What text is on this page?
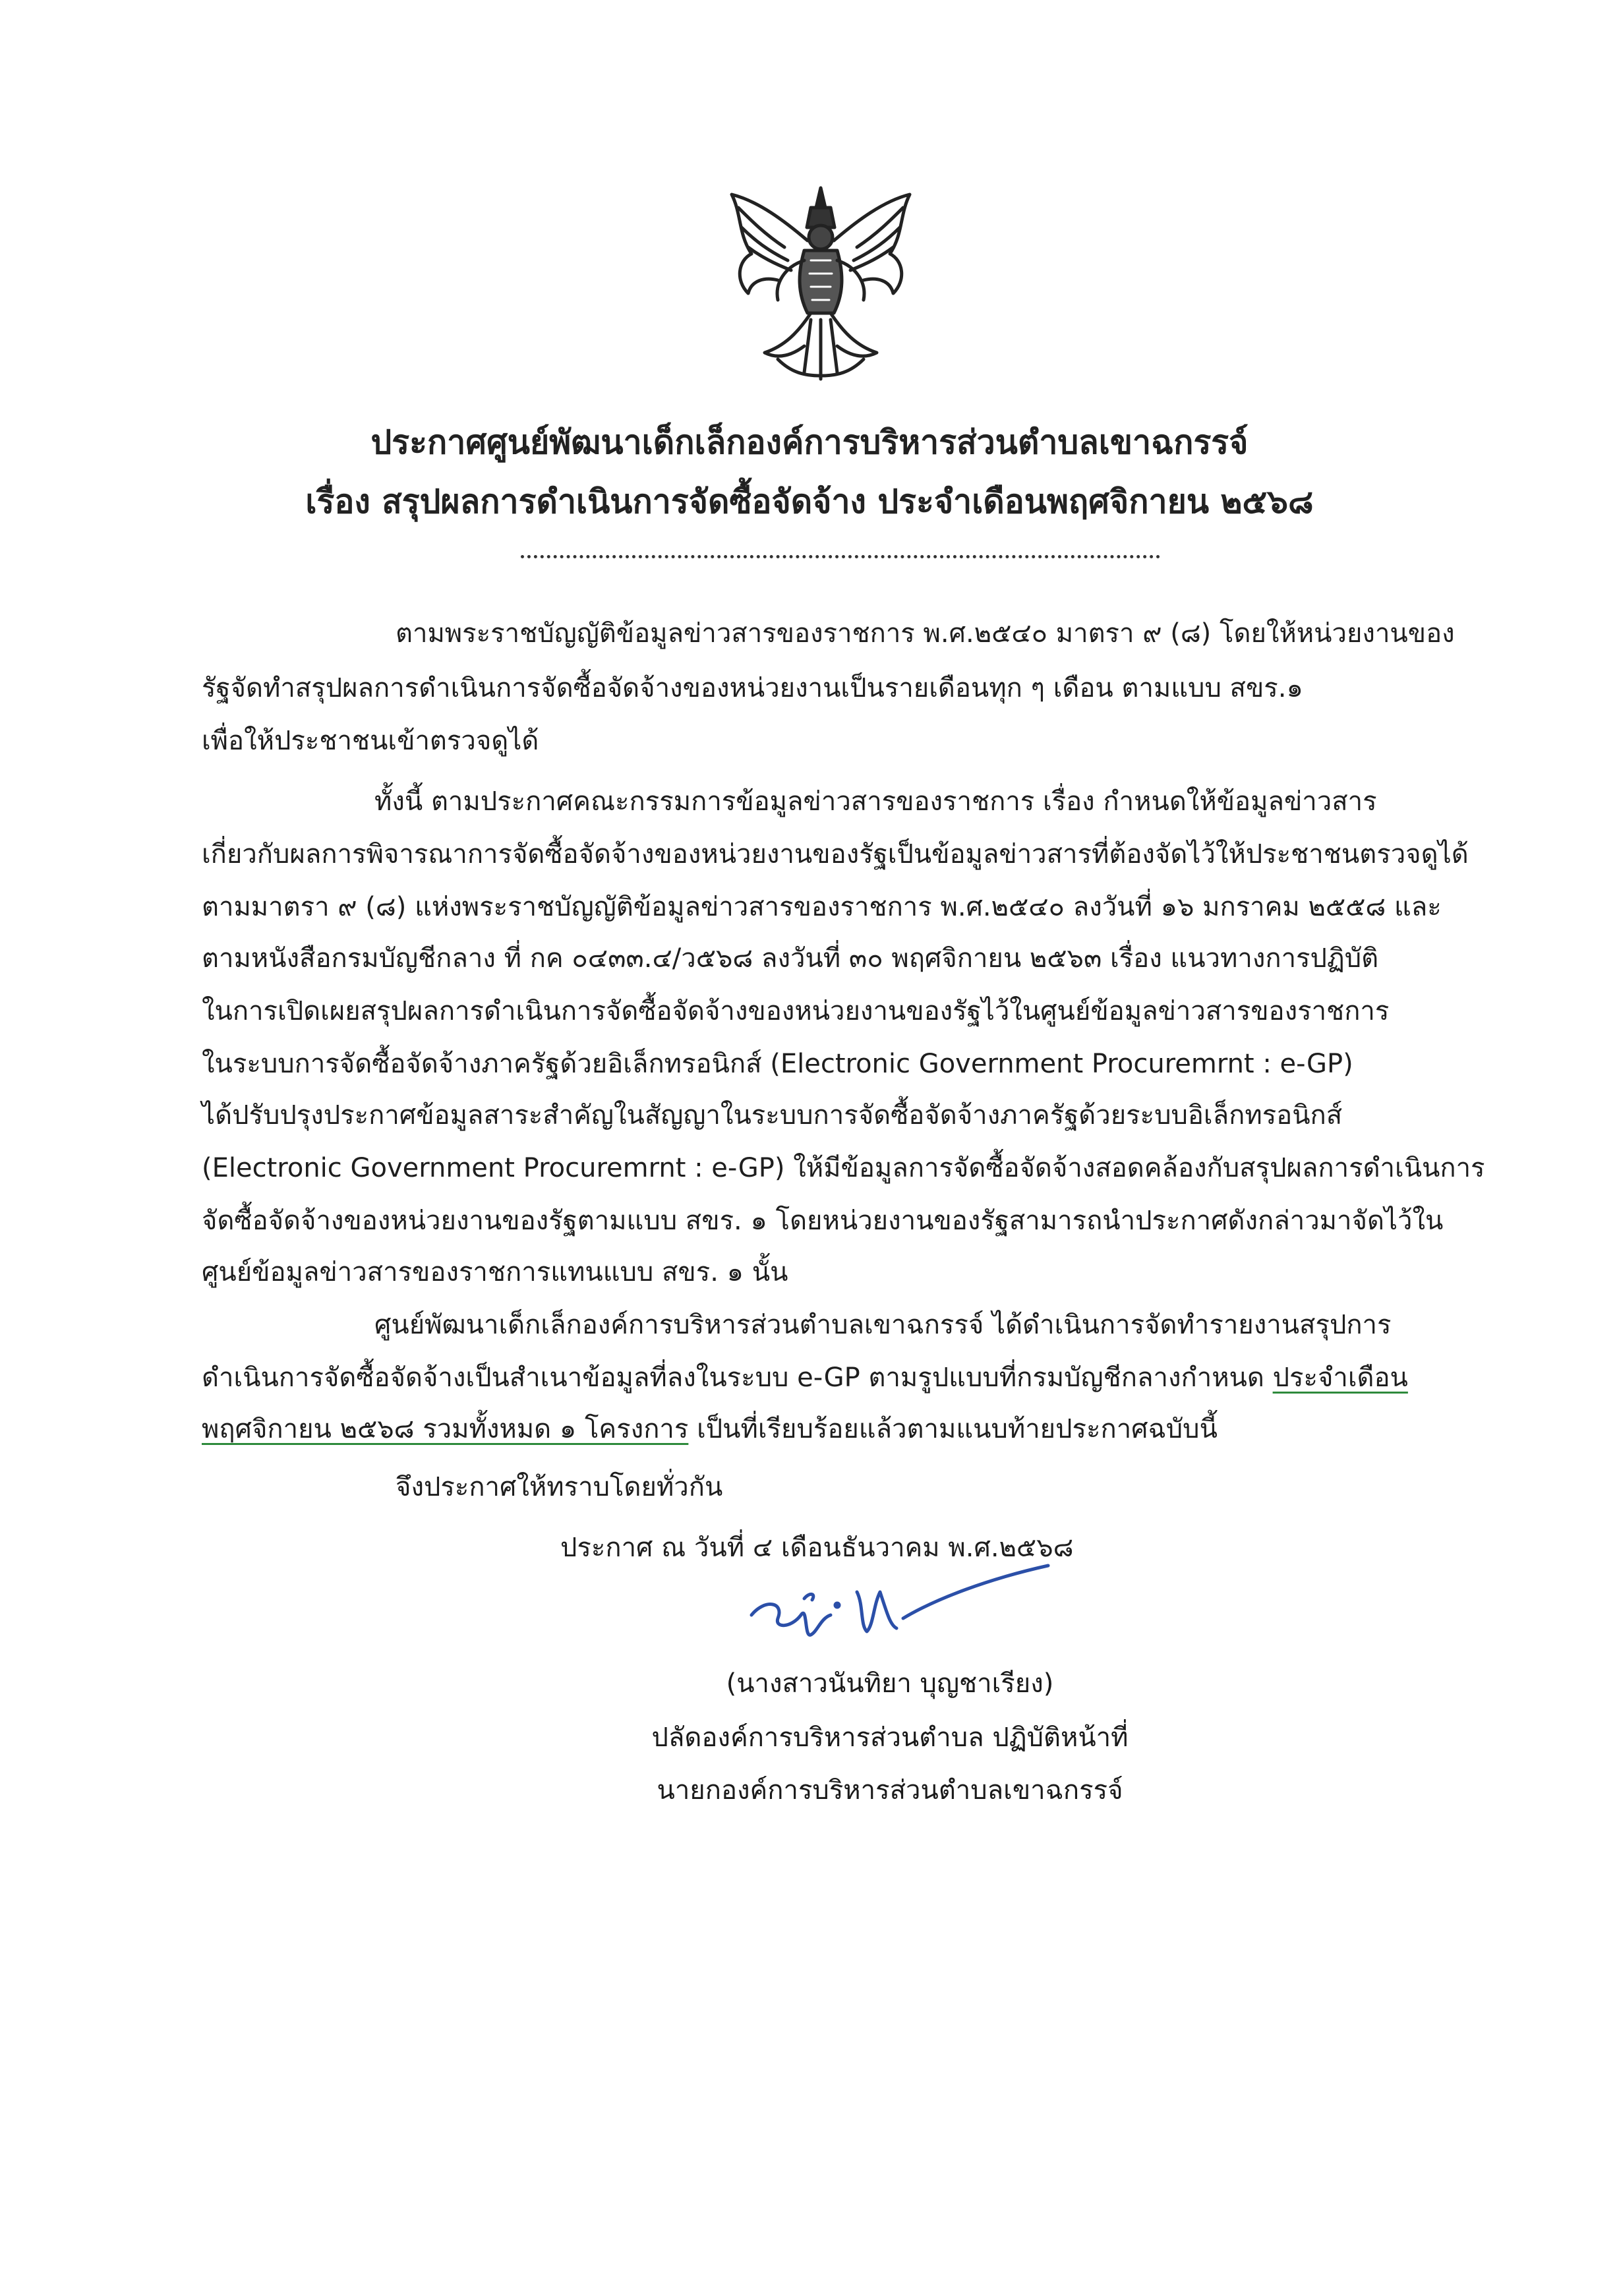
ประกาศศูนย์พัฒนาเด็กเล็กองค์การบริหารส่วนตำบลเขาฉกรรจ์
เรื่อง สรุปผลการดำเนินการจัดซื้อจัดจ้าง ประจำเดือนพฤศจิกายน ๒๕๖๘
ตามพระราชบัญญัติข้อมูลข่าวสารของราชการ พ.ศ.๒๕๔๐ มาตรา ๙ (๘) โดยให้หน่วยงานของ
รัฐจัดทำสรุปผลการดำเนินการจัดซื้อจัดจ้างของหน่วยงานเป็นรายเดือนทุก ๆ เดือน ตามแบบ สขร.๑
เพื่อให้ประชาชนเข้าตรวจดูได้
ทั้งนี้ ตามประกาศคณะกรรมการข้อมูลข่าวสารของราชการ เรื่อง กำหนดให้ข้อมูลข่าวสาร
เกี่ยวกับผลการพิจารณาการจัดซื้อจัดจ้างของหน่วยงานของรัฐเป็นข้อมูลข่าวสารที่ต้องจัดไว้ให้ประชาชนตรวจดูได้
ตามมาตรา ๙ (๘) แห่งพระราชบัญญัติข้อมูลข่าวสารของราชการ พ.ศ.๒๕๔๐ ลงวันที่ ๑๖ มกราคม ๒๕๕๘ และ
ตามหนังสือกรมบัญชีกลาง ที่ กค ๐๔๓๓.๔/ว๕๖๘ ลงวันที่ ๓๐ พฤศจิกายน ๒๕๖๓ เรื่อง แนวทางการปฏิบัติ
ในการเปิดเผยสรุปผลการดำเนินการจัดซื้อจัดจ้างของหน่วยงานของรัฐไว้ในศูนย์ข้อมูลข่าวสารของราชการ
ในระบบการจัดซื้อจัดจ้างภาครัฐด้วยอิเล็กทรอนิกส์ (Electronic Government Procuremrnt : e-GP)
ได้ปรับปรุงประกาศข้อมูลสาระสำคัญในสัญญาในระบบการจัดซื้อจัดจ้างภาครัฐด้วยระบบอิเล็กทรอนิกส์
(Electronic Government Procuremrnt : e-GP) ให้มีข้อมูลการจัดซื้อจัดจ้างสอดคล้องกับสรุปผลการดำเนินการ
จัดซื้อจัดจ้างของหน่วยงานของรัฐตามแบบ สขร. ๑ โดยหน่วยงานของรัฐสามารถนำประกาศดังกล่าวมาจัดไว้ใน
ศูนย์ข้อมูลข่าวสารของราชการแทนแบบ สขร. ๑ นั้น
ศูนย์พัฒนาเด็กเล็กองค์การบริหารส่วนตำบลเขาฉกรรจ์ ได้ดำเนินการจัดทำรายงานสรุปการ
ดำเนินการจัดซื้อจัดจ้างเป็นสำเนาข้อมูลที่ลงในระบบ e-GP ตามรูปแบบที่กรมบัญชีกลางกำหนด ประจำเดือน
พฤศจิกายน ๒๕๖๘ รวมทั้งหมด ๑ โครงการ เป็นที่เรียบร้อยแล้วตามแนบท้ายประกาศฉบับนี้
จึงประกาศให้ทราบโดยทั่วกัน
ประกาศ ณ วันที่ ๔ เดือนธันวาคม พ.ศ.๒๕๖๘
(นางสาวนันทิยา บุญชาเรียง)
ปลัดองค์การบริหารส่วนตำบล ปฏิบัติหน้าที่
นายกองค์การบริหารส่วนตำบลเขาฉกรรจ์
